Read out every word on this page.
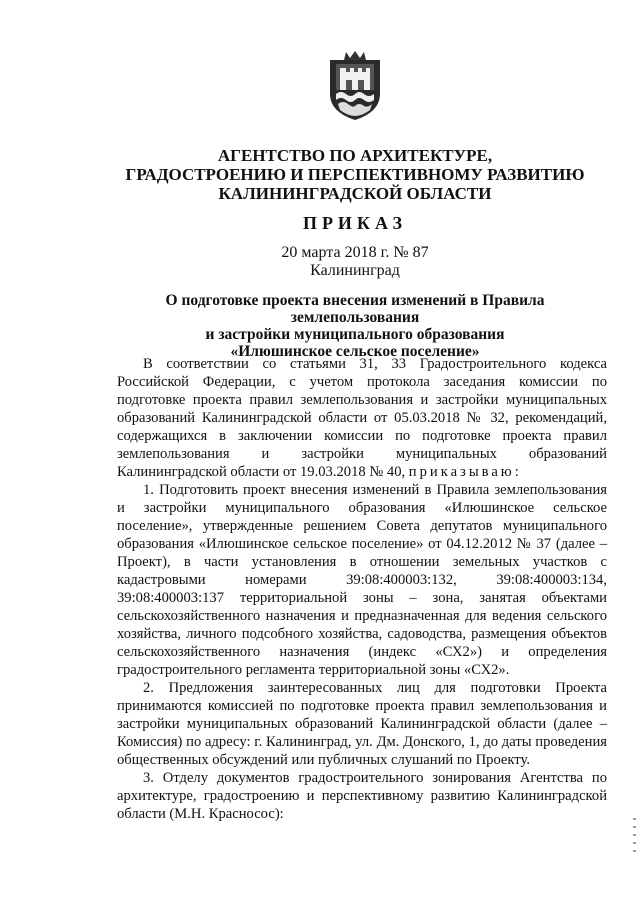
АГЕНТСТВО ПО АРХИТЕКТУРЕ,
ГРАДОСТРОЕНИЮ И ПЕРСПЕКТИВНОМУ РАЗВИТИЮ
КАЛИНИНГРАДСКОЙ ОБЛАСТИ
ПРИКАЗ
20 марта 2018 г. № 87
Калининград
О подготовке проекта внесения изменений в Правила землепользования
и застройки муниципального образования
«Илюшинское сельское поселение»

В соответствии со статьями 31, 33 Градостроительного кодекса Российской Федерации, с учетом протокола заседания комиссии по подготовке проекта правил землепользования и застройки муниципальных образований Калининградской области от 05.03.2018 № 32, рекомендаций, содержащихся в заключении комиссии по подготовке проекта правил землепользования и застройки муниципальных образований Калининградской области от 19.03.2018 № 40, приказываю:

1. Подготовить проект внесения изменений в Правила землепользования и застройки муниципального образования «Илюшинское сельское поселение», утвержденные решением Совета депутатов муниципального образования «Илюшинское сельское поселение» от 04.12.2012 № 37 (далее – Проект), в части установления в отношении земельных участков с кадастровыми номерами 39:08:400003:132, 39:08:400003:134, 39:08:400003:137 территориальной зоны – зона, занятая объектами сельскохозяйственного назначения и предназначенная для ведения сельского хозяйства, личного подсобного хозяйства, садоводства, размещения объектов сельскохозяйственного назначения (индекс «СХ2») и определения градостроительного регламента территориальной зоны «СХ2».

2. Предложения заинтересованных лиц для подготовки Проекта принимаются комиссией по подготовке проекта правил землепользования и застройки муниципальных образований Калининградской области (далее – Комиссия) по адресу: г. Калининград, ул. Дм. Донского, 1, до даты проведения общественных обсуждений или публичных слушаний по Проекту.

3. Отделу документов градостроительного зонирования Агентства по архитектуре, градостроению и перспективному развитию Калининградской области (М.Н. Красносос):
